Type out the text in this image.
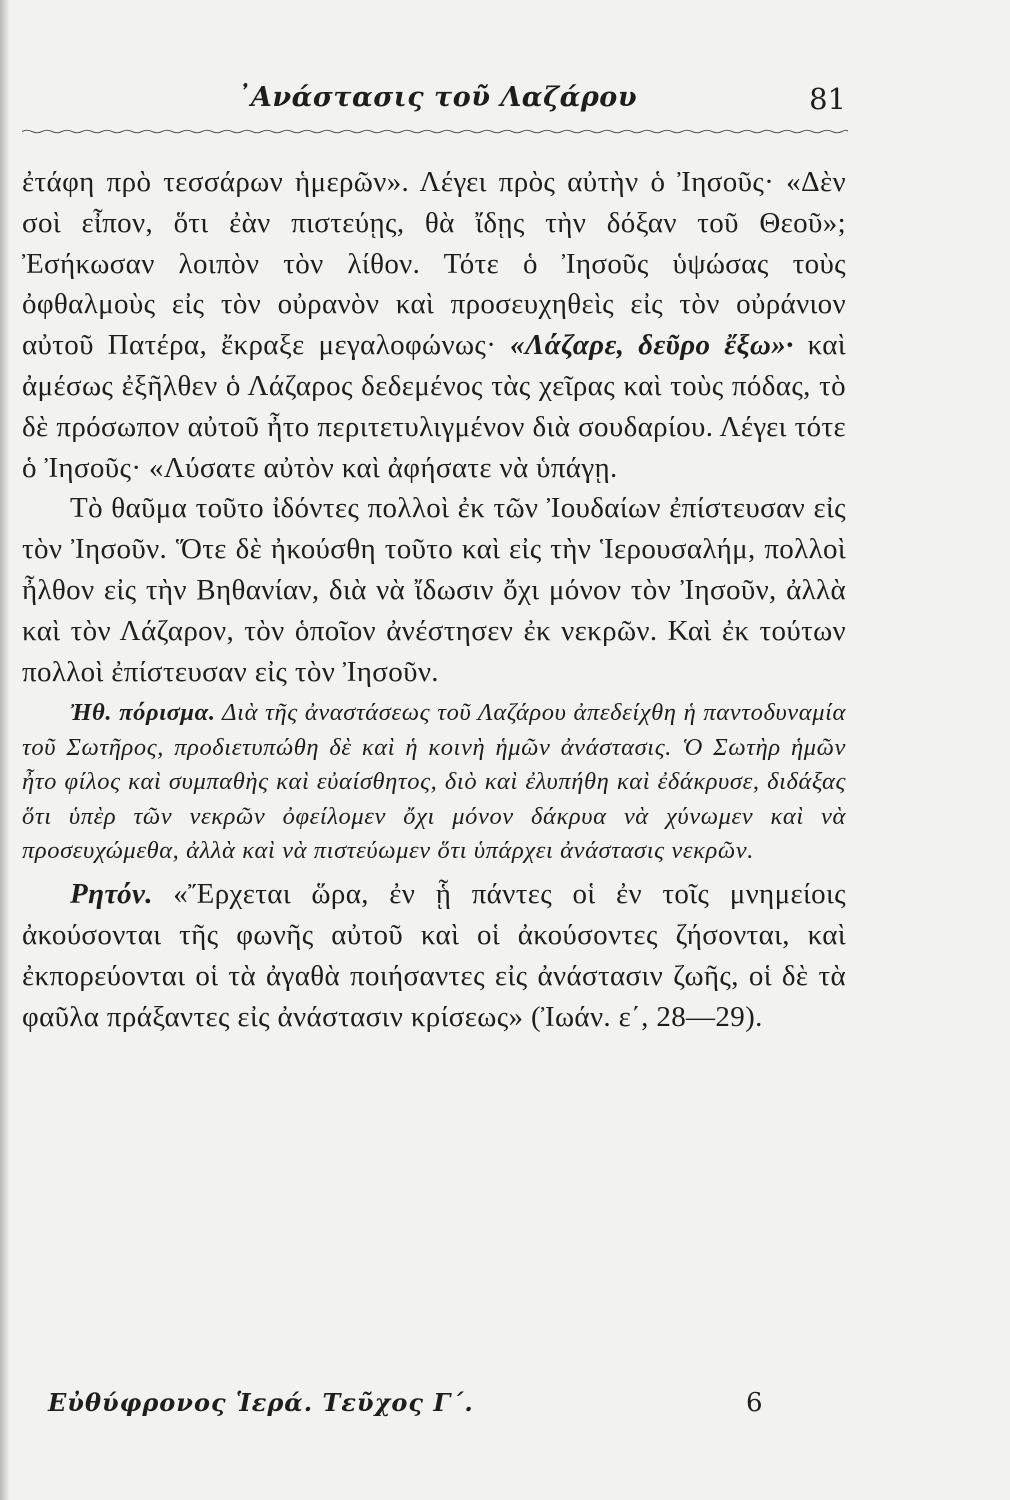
᾿Ανάστασις τοῦ Λαζάρου	81

ἐτάφη πρὸ τεσσάρων ἡμερῶν». Λέγει πρὸς αὐτὴν ὁ Ἰησοῦς· «Δὲν σοὶ εἶπον, ὅτι ἐὰν πιστεύῃς, θὰ ἴδῃς τὴν δόξαν τοῦ Θεοῦ»; Ἐσήκωσαν λοιπὸν τὸν λίθον. Τότε ὁ Ἰησοῦς ὑψώσας τοὺς ὀφθαλμοὺς εἰς τὸν οὐρανὸν καὶ προσευχηθεὶς εἰς τὸν οὐράνιον αὐτοῦ Πατέρα, ἔκραξε μεγαλοφώνως· «Λάζαρε, δεῦρο ἔξω»· καὶ ἀμέσως ἐξῆλθεν ὁ Λάζαρος δεδεμένος τὰς χεῖρας καὶ τοὺς πόδας, τὸ δὲ πρόσωπον αὐτοῦ ἦτο περιτετυλιγμένον διὰ σουδαρίου. Λέγει τότε ὁ Ἰησοῦς· «Λύσατε αὐτὸν καὶ ἀφήσατε νὰ ὑπάγῃ.

Τὸ θαῦμα τοῦτο ἰδόντες πολλοὶ ἐκ τῶν Ἰουδαίων ἐπίστευσαν εἰς τὸν Ἰησοῦν. Ὅτε δὲ ἠκούσθη τοῦτο καὶ εἰς τὴν Ἱερουσαλήμ, πολλοὶ ἦλθον εἰς τὴν Βηθανίαν, διὰ νὰ ἴδωσιν ὄχι μόνον τὸν Ἰησοῦν, ἀλλὰ καὶ τὸν Λάζαρον, τὸν ὁποῖον ἀνέστησεν ἐκ νεκρῶν. Καὶ ἐκ τούτων πολλοὶ ἐπίστευσαν εἰς τὸν Ἰησοῦν.

Ἠθ. πόρισμα. Διὰ τῆς ἀναστάσεως τοῦ Λαζάρου ἀπεδείχθη ἡ παντοδυναμία τοῦ Σωτῆρος, προδιετυπώθη δὲ καὶ ἡ κοινὴ ἡμῶν ἀνάστασις. Ὁ Σωτὴρ ἡμῶν ἦτο φίλος καὶ συμπαθὴς καὶ εὐαίσθητος, διὸ καὶ ἐλυπήθη καὶ ἐδάκρυσε, διδάξας ὅτι ὑπὲρ τῶν νεκρῶν ὀφείλομεν ὄχι μόνον δάκρυα νὰ χύνωμεν καὶ νὰ προσευχώμεθα, ἀλλὰ καὶ νὰ πιστεύωμεν ὅτι ὑπάρχει ἀνάστασις νεκρῶν.

Ρητόν. «Ἔρχεται ὥρα, ἐν ᾗ πάντες οἱ ἐν τοῖς μνημείοις ἀκούσονται τῆς φωνῆς αὐτοῦ καὶ οἱ ἀκούσοντες ζήσονται, καὶ ἐκπορεύονται οἱ τὰ ἀγαθὰ ποιήσαντες εἰς ἀνάστασιν ζωῆς, οἱ δὲ τὰ φαῦλα πράξαντες εἰς ἀνάστασιν κρίσεως» (Ἰωάν. ε΄, 28—29).

Εὐθύφρονος Ἱερά. Τεῦχος Γ΄.	6
